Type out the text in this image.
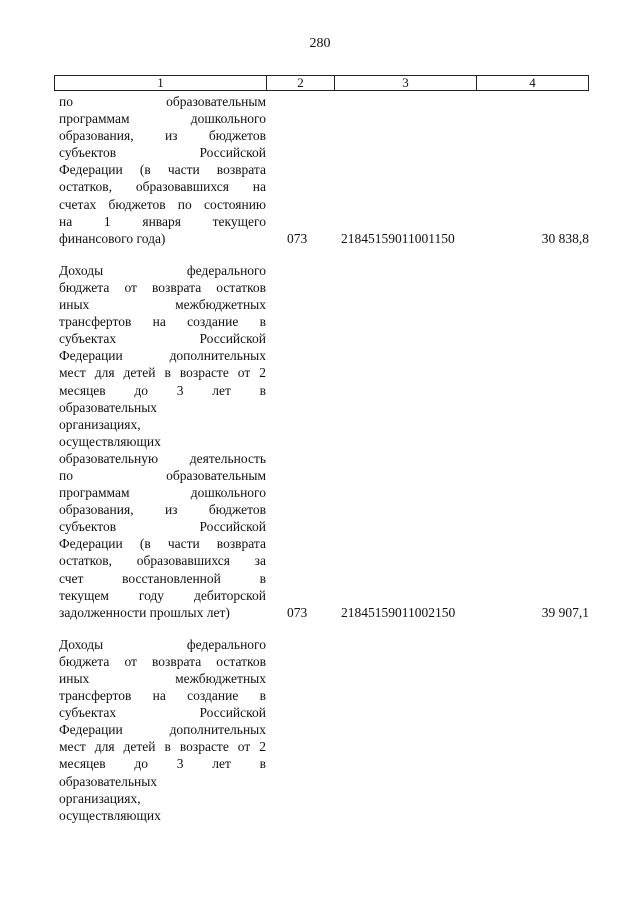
280
1	2	3	4
по образовательным
программам дошкольного
образования, из бюджетов
субъектов Российской
Федерации (в части возврата
остатков, образовавшихся на
счетах бюджетов по состоянию
на 1 января текущего
финансового года)	073	21845159011001150	30 838,8
Доходы федерального
бюджета от возврата остатков
иных межбюджетных
трансфертов на создание в
субъектах Российской
Федерации дополнительных
мест для детей в возрасте от 2
месяцев до 3 лет в
образовательных
организациях,
осуществляющих
образовательную деятельность
по образовательным
программам дошкольного
образования, из бюджетов
субъектов Российской
Федерации (в части возврата
остатков, образовавшихся за
счет восстановленной в
текущем году дебиторской
задолженности прошлых лет)	073	21845159011002150	39 907,1
Доходы федерального
бюджета от возврата остатков
иных межбюджетных
трансфертов на создание в
субъектах Российской
Федерации дополнительных
мест для детей в возрасте от 2
месяцев до 3 лет в
образовательных
организациях,
осуществляющих
